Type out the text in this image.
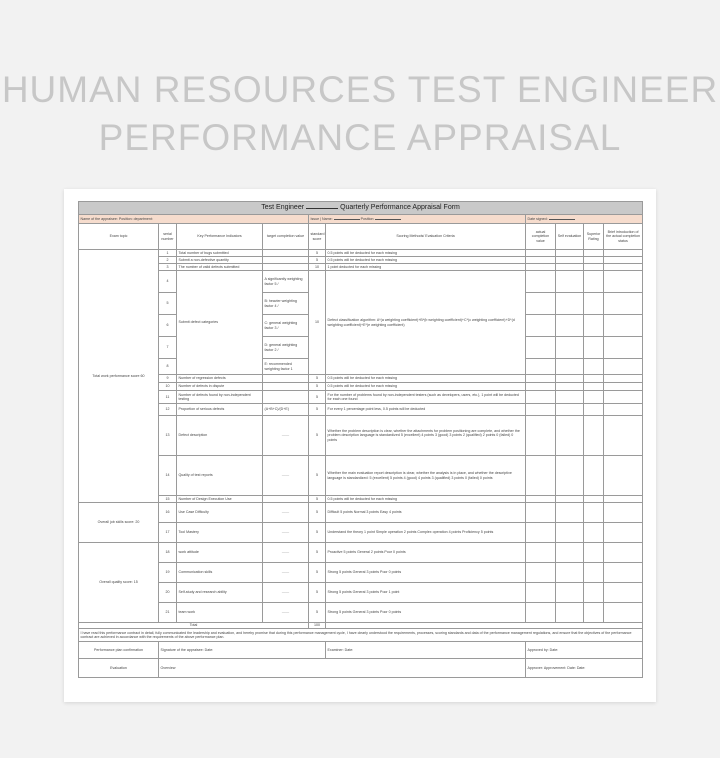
HUMAN RESOURCES TEST ENGINEER
PERFORMANCE APPRAISAL
Test Engineer Quarterly Performance Appraisal Form									
Name of the appraisee: Position: department:				Issue | Name: Position:		Date signed:			
Exam topic	serial number	Key Performance Indicators	target completion value	standard score	Scoring Methods/ Evaluation Criteria	actual completion value	Self evaluation	Superior Rating	Brief introduction of the actual completion status
Total work performance score 60	1	Total number of bugs submitted		5	0.5 points will be deducted for each missing				
	2	Submit a non-defective quantity		5	0.5 points will be deducted for each missing				
	3	The number of valid defects submitted		10	1 point deducted for each missing				
	4	Submit defect categories	A significantly weighting factor 5 /	10	Defect classification algorithm: A*(a weighting coefficient)+B*(b weighting coefficient)+C*(c weighting coefficient)+D*(d weighting coefficient)+E*(e weighting coefficient)				
	5		B: heavier weighting factor 4 /						
	6		C: general weighting factor 3 /						
	7		D: general weighting factor 2 /						
	8		E: recommended weighting factor 1						
	9	Number of regression defects		5	0.5 points will be deducted for each missing				
	10	Number of defects in dispute		5	0.5 points will be deducted for each missing				
	11	Number of defects found by non-independent testing		5	For the number of problems found by non-independent testers (such as developers, users, etc.), 1 point will be deducted for each one found				
	12	Proportion of serious defects	(A+B+C)/(D+E)	5	For every 1 percentage point less, 0.5 points will be deducted				
	13	Defect description	——	5	Whether the problem description is clear, whether the attachments for problem positioning are complete, and whether the problem description language is standardized 5 (excellent) 4 points 3 (good) 3 points 2 (qualified) 2 points 0 (failed) 0 points				
	14	Quality of test reports	——	5	Whether the main evaluation report description is clear, whether the analysis is in place, and whether the descriptive language is standardized: 5 (excellent) 5 points 4 (good) 4 points 3 (qualified) 3 points 0 (failed) 0 points				
	15	Number of Design Execution Use		5	0.5 points will be deducted for each missing				
Overall job skills score: 20	16	Use Case Difficulty	——	5	Difficult 5 points Normal 3 points Easy 4 points				
	17	Tool Mastery	——	5	Understand the theory 1 point Simple operation 2 points Complex operation 4 points Proficiency 5 points				
Overall quality score: 15	18	work attitude	——	5	Proactive 5 points General 2 points Poor 0 points				
	19	Communication skills	——	5	Strong 5 points General 3 points Poor 0 points				
	20	Self-study and research ability	——	5	Strong 5 points General 3 points Poor 1 point				
	21	team work	——	5	Strong 5 points General 3 points Poor 0 points				
Total				100					
I have read this performance contract in detail, fully communicated the leadership and evaluation, and hereby promise that during this performance management cycle, I have clearly understood the requirements, processes, scoring standards and data of the performance management regulations, and ensure that the objectives of the performance contract are achieved in accordance with the requirements of the above performance plan.									
Performance plan confirmation	Signature of the appraisee: Date:				Examiner: Date:	Approved by: Date:			
Evaluation	Overview					Approver: Approvement: Date: Date:			
